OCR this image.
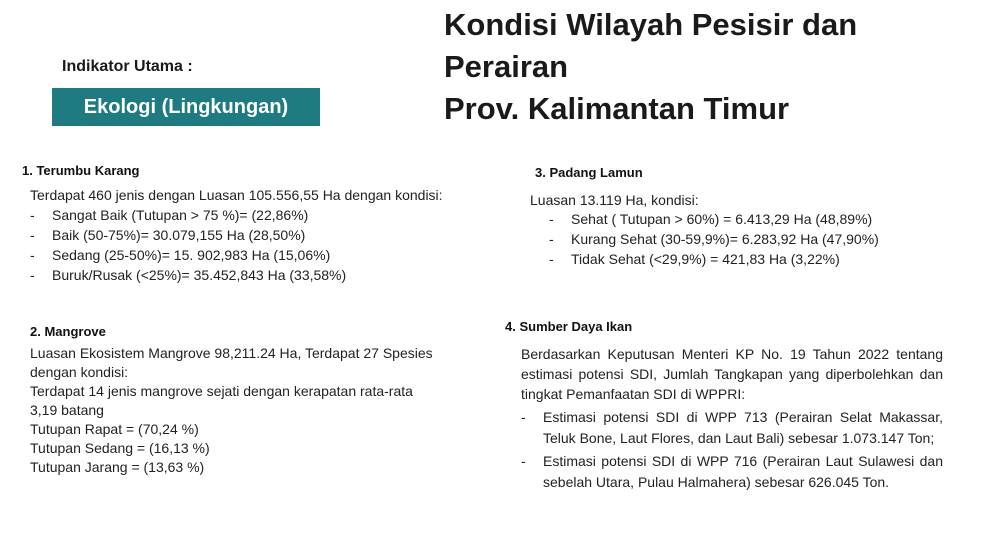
Kondisi Wilayah Pesisir dan Perairan
Prov. Kalimantan Timur
Indikator Utama :
Ekologi (Lingkungan)
1. Terumbu Karang
Terdapat 460 jenis dengan Luasan 105.556,55 Ha dengan kondisi:
- Sangat Baik (Tutupan > 75 %)= (22,86%)
- Baik (50-75%)= 30.079,155 Ha (28,50%)
- Sedang (25-50%)= 15. 902,983 Ha (15,06%)
- Buruk/Rusak (<25%)= 35.452,843 Ha (33,58%)
2. Mangrove
Luasan Ekosistem Mangrove 98,211.24 Ha, Terdapat 27 Spesies
dengan kondisi:
Terdapat 14 jenis mangrove sejati dengan kerapatan rata-rata
3,19 batang
Tutupan Rapat = (70,24 %)
Tutupan Sedang = (16,13 %)
Tutupan Jarang = (13,63 %)
3. Padang Lamun
Luasan 13.119 Ha, kondisi:
- Sehat ( Tutupan > 60%) = 6.413,29 Ha (48,89%)
- Kurang Sehat (30-59,9%)= 6.283,92 Ha (47,90%)
- Tidak Sehat (<29,9%) = 421,83 Ha (3,22%)
4. Sumber Daya Ikan
Berdasarkan Keputusan Menteri KP No. 19 Tahun 2022 tentang estimasi potensi SDI, Jumlah Tangkapan yang diperbolehkan dan tingkat Pemanfaatan SDI di WPPRI:
- Estimasi potensi SDI di WPP 713 (Perairan Selat Makassar, Teluk Bone, Laut Flores, dan Laut Bali) sebesar 1.073.147 Ton;
- Estimasi potensi SDI di WPP 716 (Perairan Laut Sulawesi dan sebelah Utara, Pulau Halmahera) sebesar 626.045 Ton.
